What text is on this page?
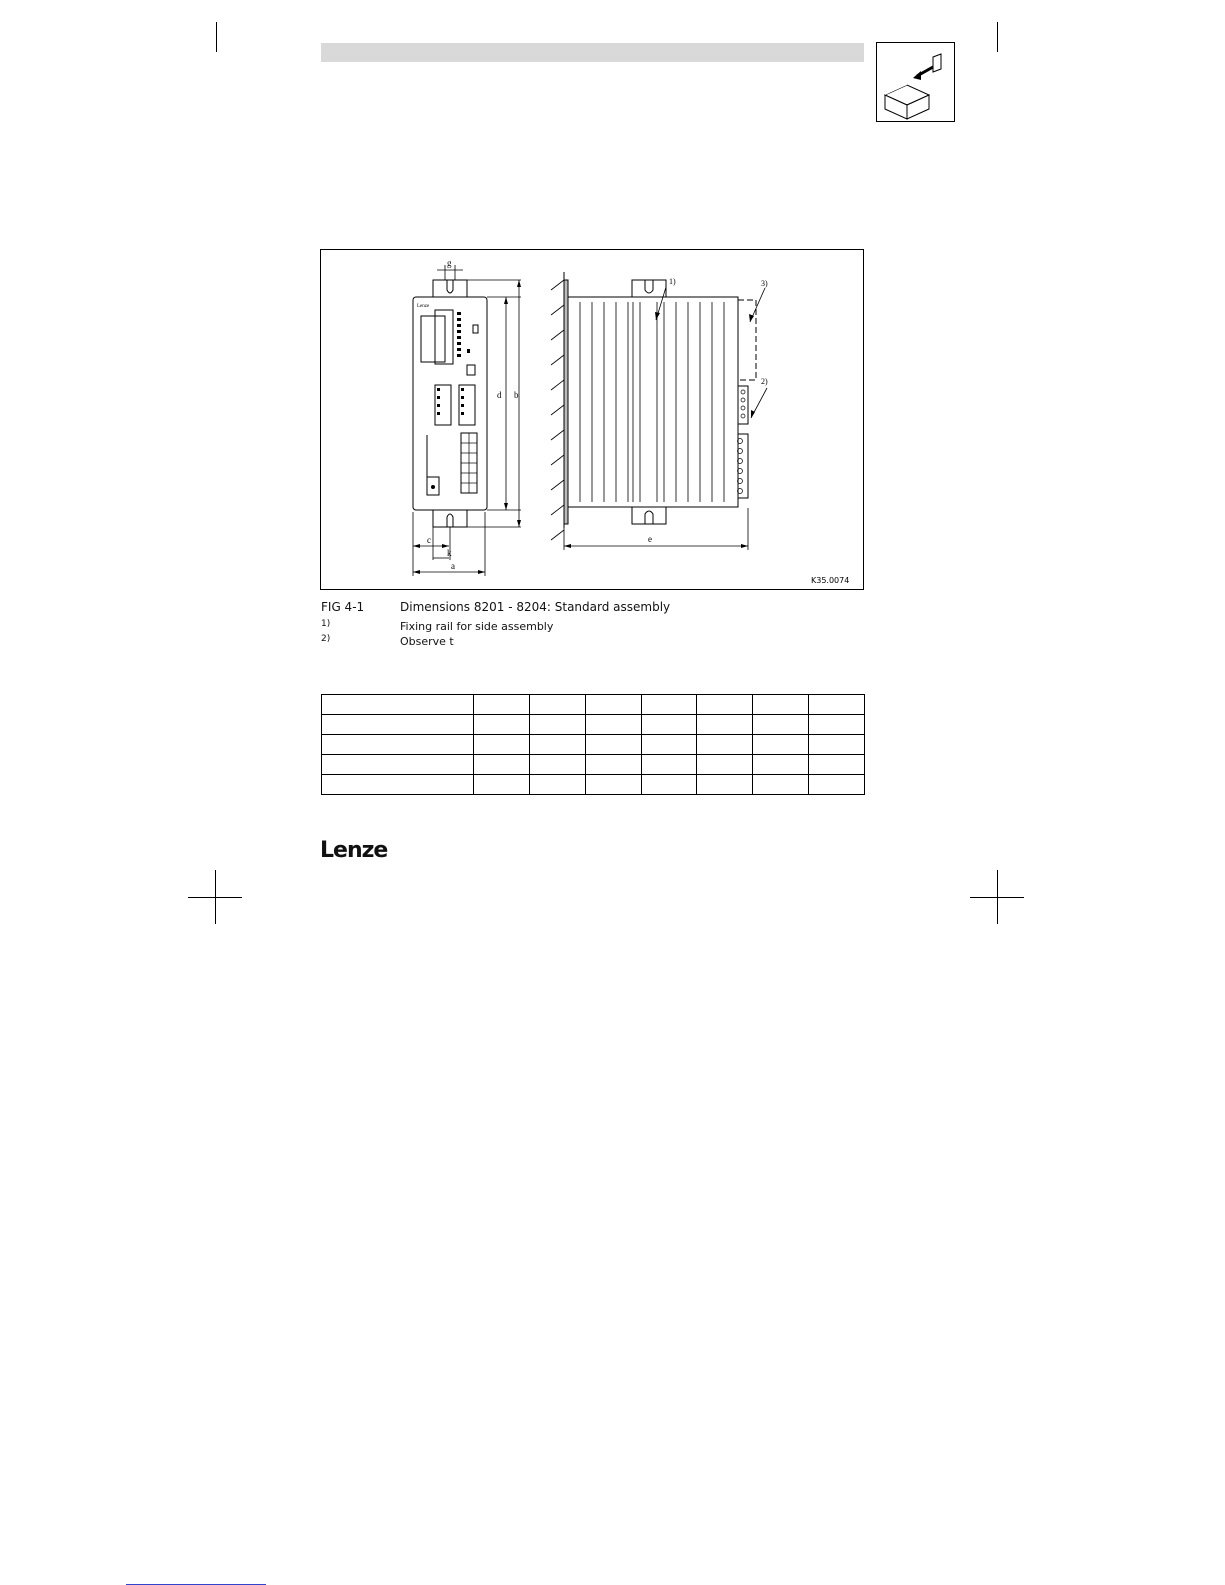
Lenze
g
d b
c
k
a
1)	3)
2)
e
K35.0074
FIG 4-1	Dimensions 8201 - 8204: Standard assembly
1)	Fixing rail for side assembly
2)	Observe t

Lenze
